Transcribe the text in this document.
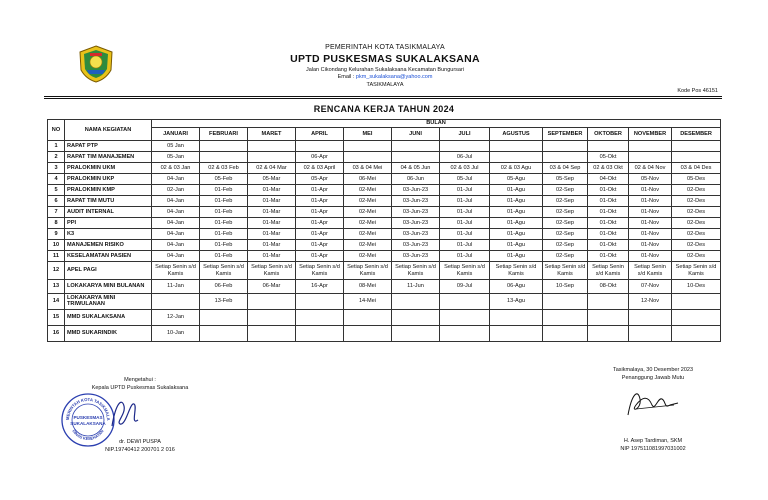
PEMERINTAH KOTA TASIKMALAYA
UPTD PUSKESMAS SUKALAKSANA
Jalan Cikondang Kelurahan Sukalaksana Kecamatan Bungursari
Email : pkm_sukalaksana@yahoo.com
TASIKMALAYA
Kode Pos 46151
RENCANA KERJA TAHUN 2024
NO	NAMA KEGIATAN	BULAN											
		JANUARI	FEBRUARI	MARET	APRIL	MEI	JUNI	JULI	AGUSTUS	SEPTEMBER	OKTOBER	NOVEMBER	DESEMBER
1	RAPAT PTP	05 Jan											
2	RAPAT TIM MANAJEMEN	05-Jan			06-Apr			06-Jul			05-Okt		
3	PRALOKMIN UKM	02 & 03 Jan	02 & 03 Feb	02 & 04 Mar	02 & 03 April	03 & 04 Mei	04 & 05 Jun	02 & 03 Jul	02 & 03 Agu	03 & 04 Sep	02 & 03 Okt	02 & 04 Nov	03 & 04 Des
4	PRALOKMIN UKP	04-Jan	05-Feb	05-Mar	05-Apr	06-Mei	06-Jun	05-Jul	05-Agu	05-Sep	04-Okt	05-Nov	05-Des
5	PRALOKMIN KMP	02-Jan	01-Feb	01-Mar	01-Apr	02-Mei	03-Jun-23	01-Jul	01-Agu	02-Sep	01-Okt	01-Nov	02-Des
6	RAPAT TIM MUTU	04-Jan	01-Feb	01-Mar	01-Apr	02-Mei	03-Jun-23	01-Jul	01-Agu	02-Sep	01-Okt	01-Nov	02-Des
7	AUDIT INTERNAL	04-Jan	01-Feb	01-Mar	01-Apr	02-Mei	03-Jun-23	01-Jul	01-Agu	02-Sep	01-Okt	01-Nov	02-Des
8	PPI	04-Jan	01-Feb	01-Mar	01-Apr	02-Mei	03-Jun-23	01-Jul	01-Agu	02-Sep	01-Okt	01-Nov	02-Des
9	K3	04-Jan	01-Feb	01-Mar	01-Apr	02-Mei	03-Jun-23	01-Jul	01-Agu	02-Sep	01-Okt	01-Nov	02-Des
10	MANAJEMEN RISIKO	04-Jan	01-Feb	01-Mar	01-Apr	02-Mei	03-Jun-23	01-Jul	01-Agu	02-Sep	01-Okt	01-Nov	02-Des
11	KESELAMATAN PASIEN	04-Jan	01-Feb	01-Mar	01-Apr	02-Mei	03-Jun-23	01-Jul	01-Agu	02-Sep	01-Okt	01-Nov	02-Des
12	APEL PAGI	Setiap Senin s/d Kamis	Setiap Senin s/d Kamis	Setiap Senin s/d Kamis	Setiap Senin s/d Kamis	Setiap Senin s/d Kamis	Setiap Senin s/d Kamis	Setiap Senin s/d Kamis	Setiap Senin s/d Kamis	Setiap Senin s/d Kamis	Setiap Senin s/d Kamis	Setiap Senin s/d Kamis	Setiap Senin s/d Kamis
13	LOKAKARYA MINI BULANAN	11-Jan	06-Feb	06-Mar	16-Apr	08-Mei	11-Jun	09-Jul	06-Agu	10-Sep	08-Okt	07-Nov	10-Des
14	LOKAKARYA MINI TRIWULANAN		13-Feb			14-Mei			13-Agu			12-Nov	
15	MMD SUKALAKSANA	12-Jan											
16	MMD SUKARINDIK	10-Jan											
Mengetahui :
Kepala UPTD Puskesmas Sukalaksana
MERINTAH KOTA TASIKMALA
DINAS KESEHATAN
PUSKESMAS
SUKALAKSANA
dr. DEWI PUSPA
NIP.19740412 200701 2 016
Tasikmalaya, 30 Desember 2023
Penanggung Jawab Mutu
H. Asep Tardiman, SKM
NIP 197511081997031002
